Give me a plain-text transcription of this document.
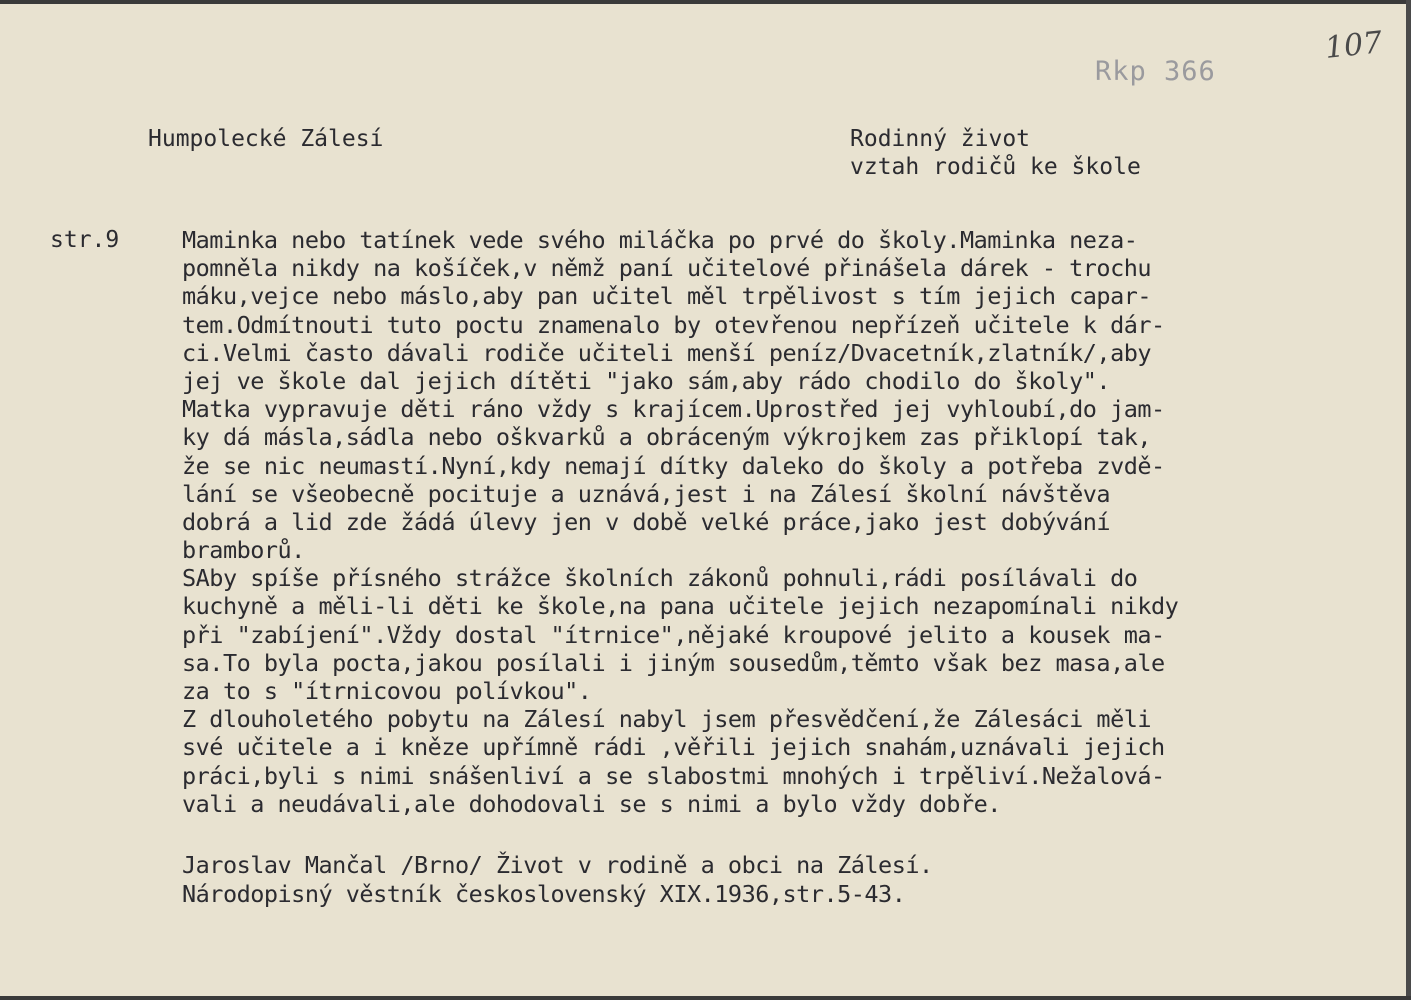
Rkp 366
107
Humpolecké Zálesí	Rodinný život
vztah rodičů ke škole
str.9	Maminka nebo tatínek vede svého miláčka po prvé do školy.Maminka neza-
pomněla nikdy na košíček,v němž paní učitelové přinášela dárek - trochu
máku,vejce nebo máslo,aby pan učitel měl trpělivost s tím jejich capar-
tem.Odmítnouti tuto poctu znamenalo by otevřenou nepřízeň učitele k dár-
ci.Velmi často dávali rodiče učiteli menší peníz/Dvacetník,zlatník/,aby
jej ve škole dal jejich dítěti "jako sám,aby rádo chodilo do školy".
Matka vypravuje děti ráno vždy s krajícem.Uprostřed jej vyhloubí,do jam-
ky dá másla,sádla nebo oškvarků a obráceným výkrojkem zas přiklopí tak,
že se nic neumastí.Nyní,kdy nemají dítky daleko do školy a potřeba zvdě-
lání se všeobecně pocituje a uznává,jest i na Zálesí školní návštěva
dobrá a lid zde žádá úlevy jen v době velké práce,jako jest dobývání
bramborů.
SAby spíše přísného strážce školních zákonů pohnuli,rádi posílávali do
kuchyně a měli-li děti ke škole,na pana učitele jejich nezapomínali nikdy
při "zabíjení".Vždy dostal "ítrnice",nějaké kroupové jelito a kousek ma-
sa.To byla pocta,jakou posílali i jiným sousedům,těmto však bez masa,ale
za to s "ítrnicovou polívkou".
Z dlouholetého pobytu na Zálesí nabyl jsem přesvědčení,že Zálesáci měli
své učitele a i kněze upřímně rádi ,věřili jejich snahám,uznávali jejich
práci,byli s nimi snášenliví a se slabostmi mnohých i trpěliví.Nežalová-
vali a neudávali,ale dohodovali se s nimi a bylo vždy dobře.
Jaroslav Mančal /Brno/ Život v rodině a obci na Zálesí.
Národopisný věstník československý XIX.1936,str.5-43.
